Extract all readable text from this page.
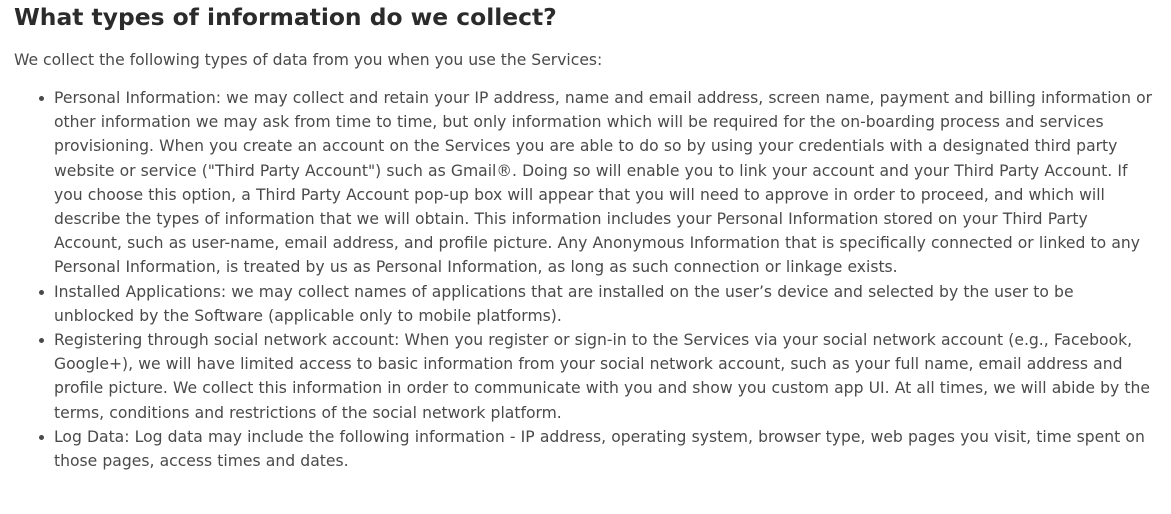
What types of information do we collect?

We collect the following types of data from you when you use the Services:

Personal Information: we may collect and retain your IP address, name and email address, screen name, payment and billing information or other information we may ask from time to time, but only information which will be required for the on-boarding process and services provisioning. When you create an account on the Services you are able to do so by using your credentials with a designated third party website or service ("Third Party Account") such as Gmail®. Doing so will enable you to link your account and your Third Party Account. If you choose this option, a Third Party Account pop-up box will appear that you will need to approve in order to proceed, and which will describe the types of information that we will obtain. This information includes your Personal Information stored on your Third Party Account, such as user-name, email address, and profile picture. Any Anonymous Information that is specifically connected or linked to any Personal Information, is treated by us as Personal Information, as long as such connection or linkage exists.
Installed Applications: we may collect names of applications that are installed on the user’s device and selected by the user to be unblocked by the Software (applicable only to mobile platforms).
Registering through social network account: When you register or sign-in to the Services via your social network account (e.g., Facebook, Google+), we will have limited access to basic information from your social network account, such as your full name, email address and profile picture. We collect this information in order to communicate with you and show you custom app UI. At all times, we will abide by the terms, conditions and restrictions of the social network platform.
Log Data: Log data may include the following information - IP address, operating system, browser type, web pages you visit, time spent on those pages, access times and dates.
